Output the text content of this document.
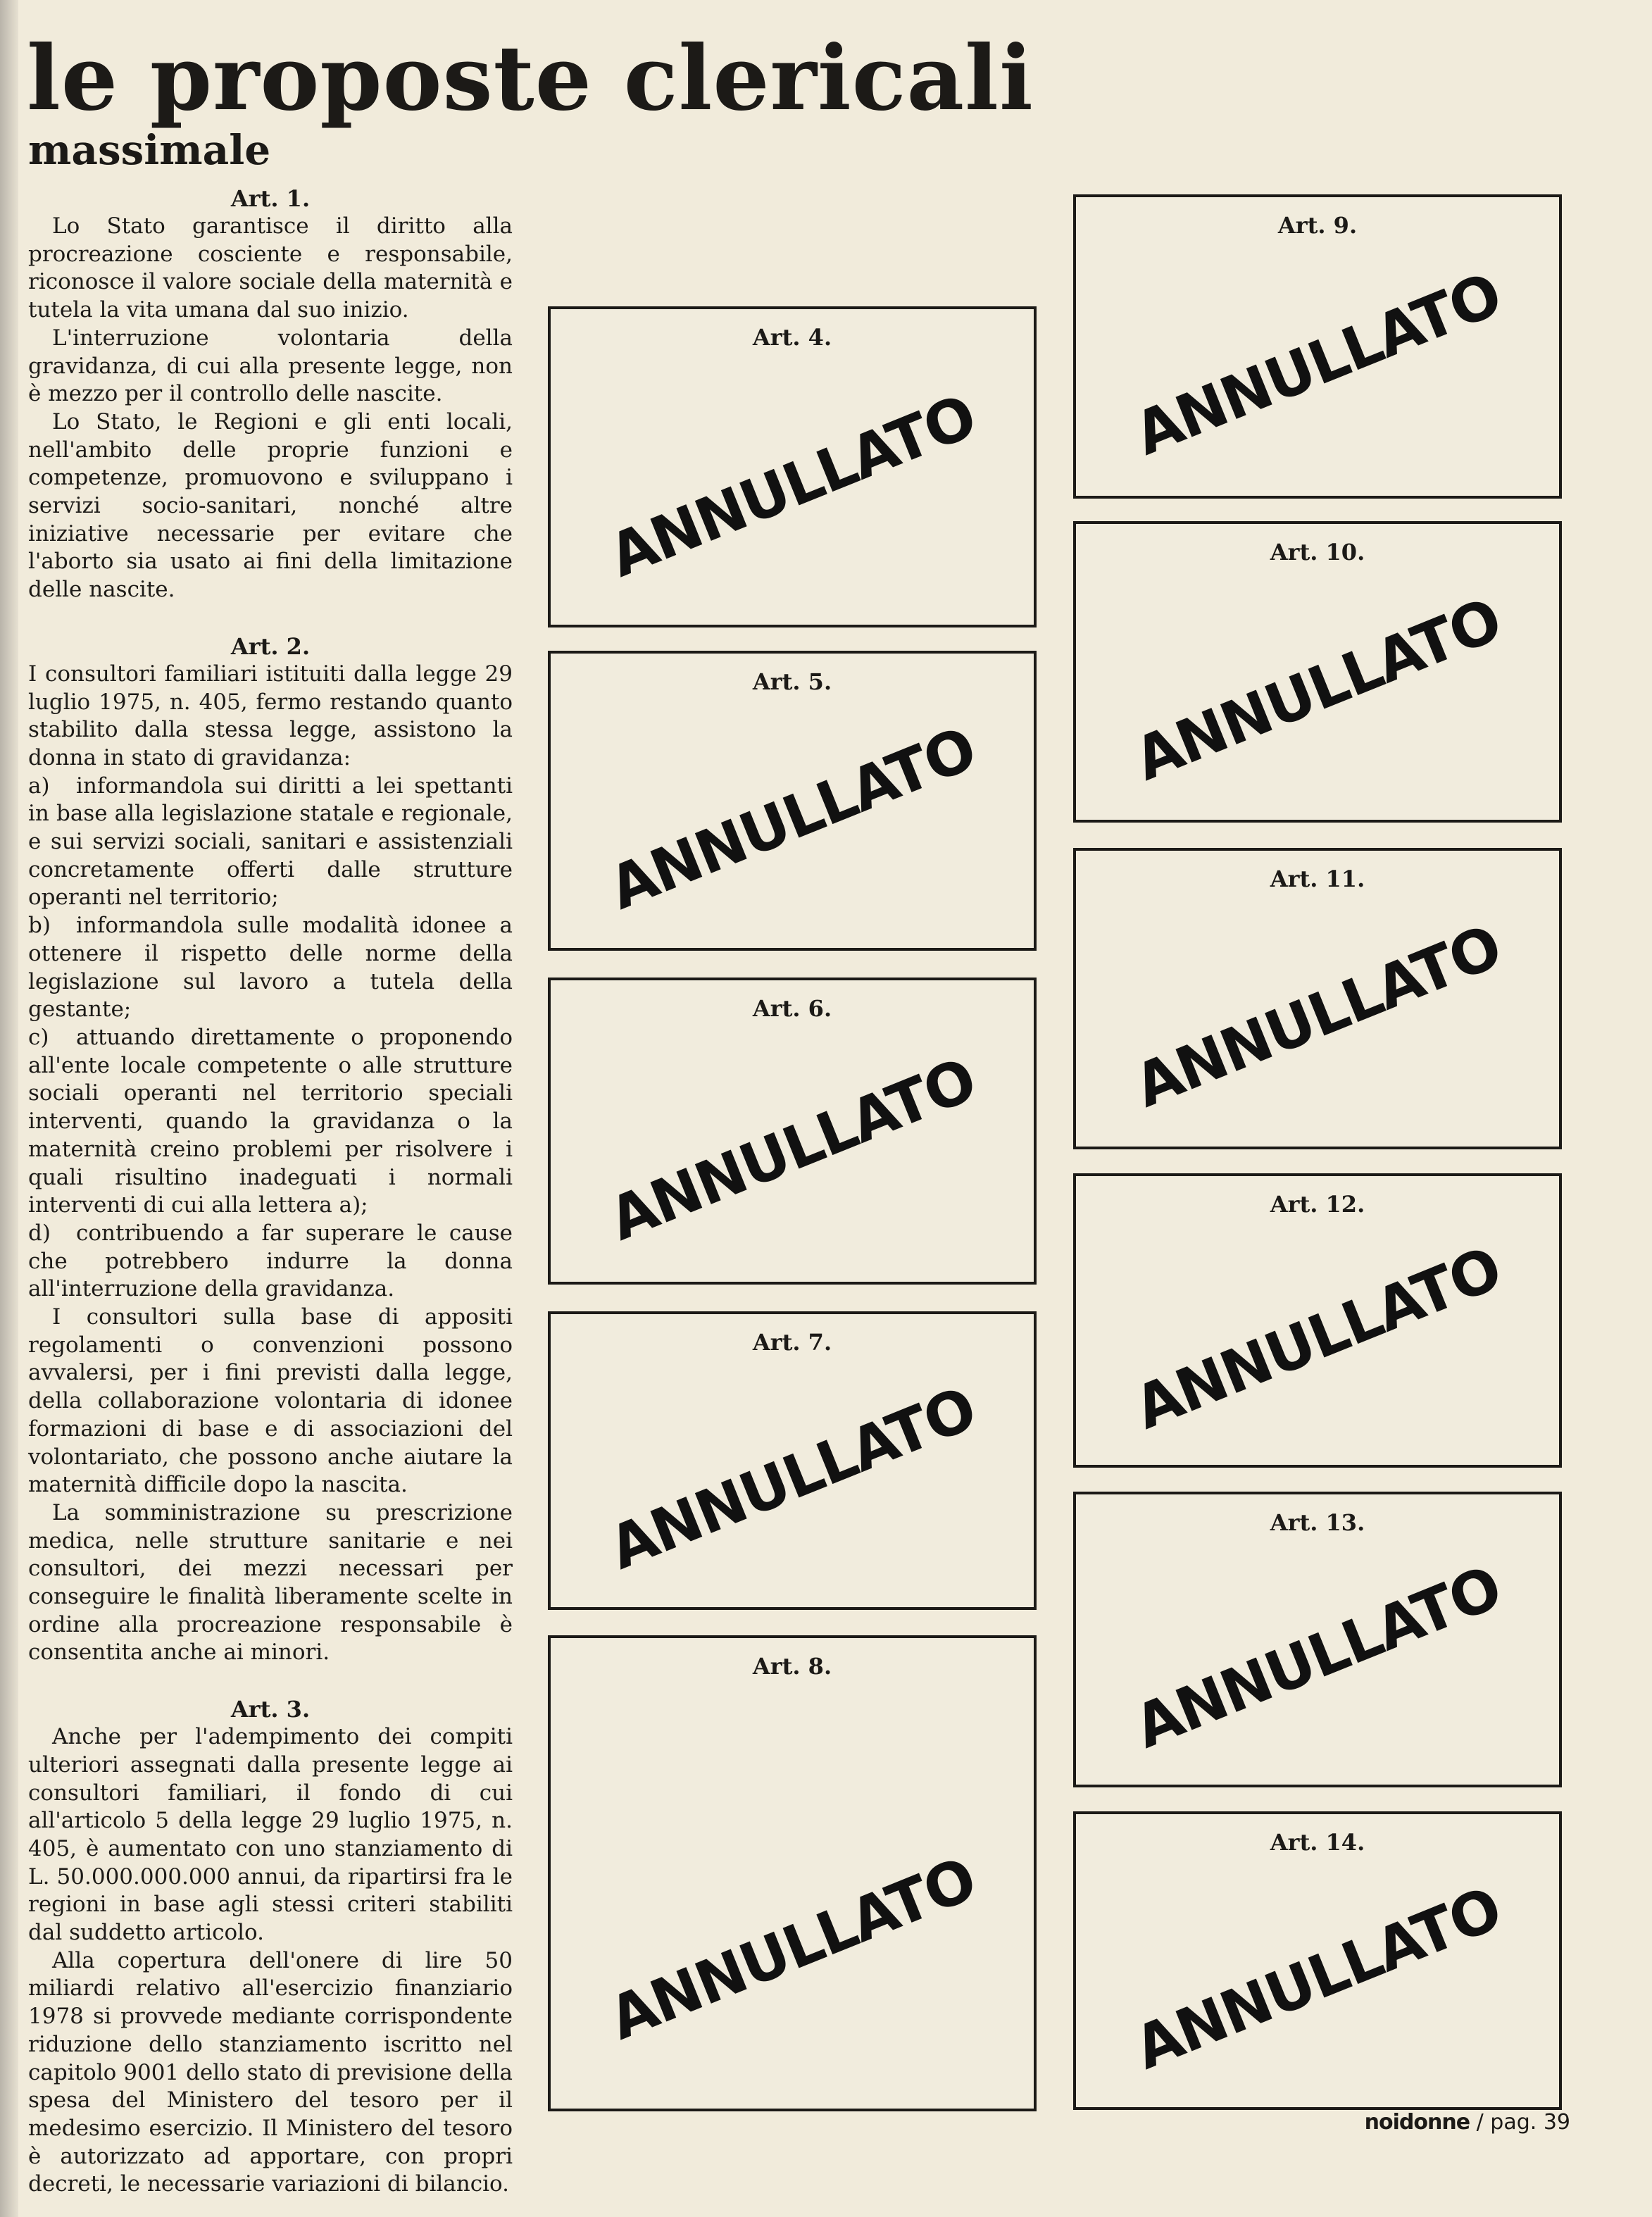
le proposte clericali
massimale
Art. 1.

Lo Stato garantisce il diritto alla procreazione cosciente e responsabile, riconosce il valore sociale della maternità e tutela la vita umana dal suo inizio.

L'interruzione volontaria della gravidanza, di cui alla presente legge, non è mezzo per il controllo delle nascite.

Lo Stato, le Regioni e gli enti locali, nell'ambito delle proprie funzioni e competenze, promuovono e sviluppano i servizi socio-sanitari, nonché altre iniziative necessarie per evitare che l'aborto sia usato ai fini della limitazione delle nascite.

Art. 2.

I consultori familiari istituiti dalla legge 29 luglio 1975, n. 405, fermo restando quanto stabilito dalla stessa legge, assistono la donna in stato di gravidanza:

a) informandola sui diritti a lei spettanti in base alla legislazione statale e regionale, e sui servizi sociali, sanitari e assistenziali concretamente offerti dalle strutture operanti nel territorio;

b) informandola sulle modalità idonee a ottenere il rispetto delle norme della legislazione sul lavoro a tutela della gestante;

c) attuando direttamente o proponendo all'ente locale competente o alle strutture sociali operanti nel territorio speciali interventi, quando la gravidanza o la maternità creino problemi per risolvere i quali risultino inadeguati i normali interventi di cui alla lettera a);

d) contribuendo a far superare le cause che potrebbero indurre la donna all'interruzione della gravidanza.

I consultori sulla base di appositi regolamenti o convenzioni possono avvalersi, per i fini previsti dalla legge, della collaborazione volontaria di idonee formazioni di base e di associazioni del volontariato, che possono anche aiutare la maternità difficile dopo la nascita.

La somministrazione su prescrizione medica, nelle strutture sanitarie e nei consultori, dei mezzi necessari per conseguire le finalità liberamente scelte in ordine alla procreazione responsabile è consentita anche ai minori.

Art. 3.

Anche per l'adempimento dei compiti ulteriori assegnati dalla presente legge ai consultori familiari, il fondo di cui all'articolo 5 della legge 29 luglio 1975, n. 405, è aumentato con uno stanziamento di L. 50.000.000.000 annui, da ripartirsi fra le regioni in base agli stessi criteri stabiliti dal suddetto articolo.

Alla copertura dell'onere di lire 50 miliardi relativo all'esercizio finanziario 1978 si provvede mediante corrispondente riduzione dello stanziamento iscritto nel capitolo 9001 dello stato di previsione della spesa del Ministero del tesoro per il medesimo esercizio. Il Ministero del tesoro è autorizzato ad apportare, con propri decreti, le necessarie variazioni di bilancio.

Art. 4.
ANNULLATO
Art. 5.
ANNULLATO
Art. 6.
ANNULLATO
Art. 7.
ANNULLATO
Art. 8.
ANNULLATO
Art. 9.
ANNULLATO
Art. 10.
ANNULLATO
Art. 11.
ANNULLATO
Art. 12.
ANNULLATO
Art. 13.
ANNULLATO
Art. 14.
ANNULLATO
noidonne / pag. 39
